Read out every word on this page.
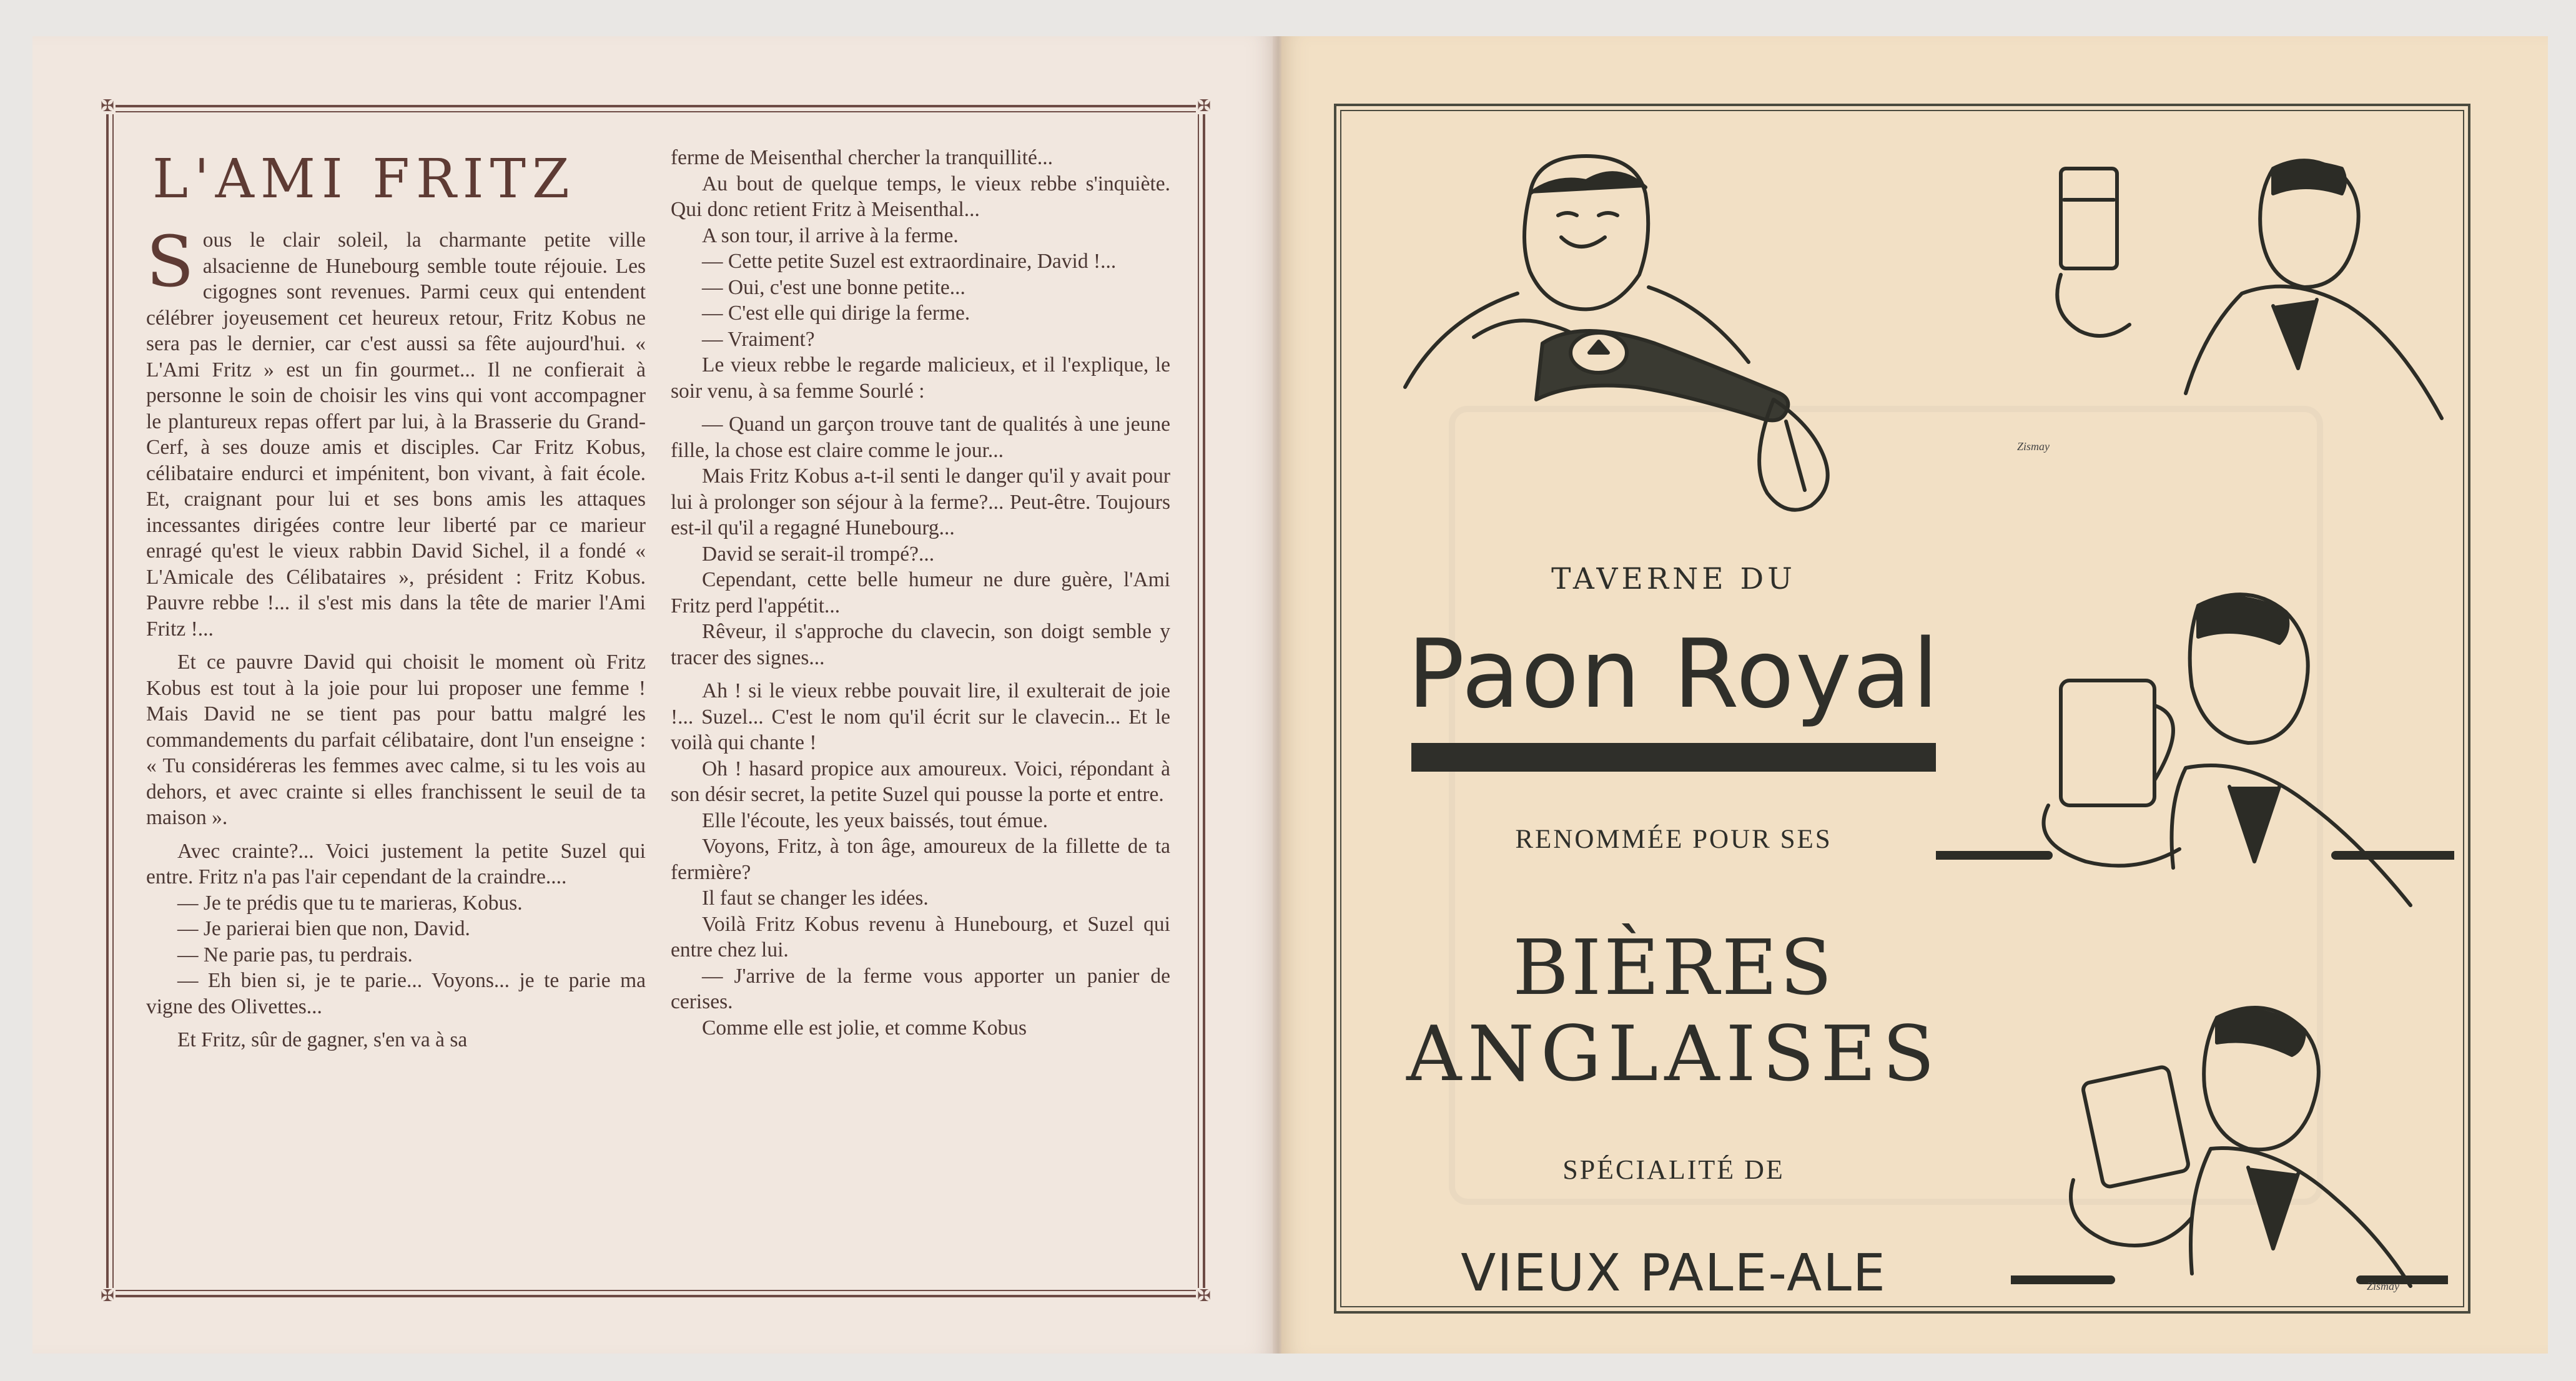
✠	✠
✠	✠
L'AMI FRITZ

Sous le clair soleil, la charmante petite ville alsacienne de Hunebourg semble toute réjouie. Les cigognes sont revenues. Parmi ceux qui entendent célébrer joyeusement cet heureux retour, Fritz Kobus ne sera pas le dernier, car c'est aussi sa fête aujourd'hui. « L'Ami Fritz » est un fin gourmet... Il ne confierait à personne le soin de choisir les vins qui vont accompagner le plantureux repas offert par lui, à la Brasserie du Grand-Cerf, à ses douze amis et disciples. Car Fritz Kobus, célibataire endurci et impénitent, bon vivant, à fait école. Et, craignant pour lui et ses bons amis les attaques incessantes dirigées contre leur liberté par ce marieur enragé qu'est le vieux rabbin David Sichel, il a fondé « L'Amicale des Célibataires », président : Fritz Kobus. Pauvre rebbe !... il s'est mis dans la tête de marier l'Ami Fritz !...

Et ce pauvre David qui choisit le moment où Fritz Kobus est tout à la joie pour lui proposer une femme ! Mais David ne se tient pas pour battu malgré les commandements du parfait célibataire, dont l'un enseigne : « Tu considéreras les femmes avec calme, si tu les vois au dehors, et avec crainte si elles franchissent le seuil de ta maison ».

Avec crainte?... Voici justement la petite Suzel qui entre. Fritz n'a pas l'air cependant de la craindre....

— Je te prédis que tu te marieras, Kobus.

— Je parierai bien que non, David.

— Ne parie pas, tu perdrais.

— Eh bien si, je te parie... Voyons... je te parie ma vigne des Olivettes...

Et Fritz, sûr de gagner, s'en va à sa

ferme de Meisenthal chercher la tranquillité...

Au bout de quelque temps, le vieux rebbe s'inquiète. Qui donc retient Fritz à Meisenthal...

A son tour, il arrive à la ferme.

— Cette petite Suzel est extraordinaire, David !...

— Oui, c'est une bonne petite...

— C'est elle qui dirige la ferme.

— Vraiment?

Le vieux rebbe le regarde malicieux, et il l'explique, le soir venu, à sa femme Sourlé :

— Quand un garçon trouve tant de qualités à une jeune fille, la chose est claire comme le jour...

Mais Fritz Kobus a-t-il senti le danger qu'il y avait pour lui à prolonger son séjour à la ferme?... Peut-être. Toujours est-il qu'il a regagné Hunebourg...

David se serait-il trompé?...

Cependant, cette belle humeur ne dure guère, l'Ami Fritz perd l'appétit...

Rêveur, il s'approche du clavecin, son doigt semble y tracer des signes...

Ah ! si le vieux rebbe pouvait lire, il exulterait de joie !... Suzel... C'est le nom qu'il écrit sur le clavecin... Et le voilà qui chante !

Oh ! hasard propice aux amoureux. Voici, répondant à son désir secret, la petite Suzel qui pousse la porte et entre.

Elle l'écoute, les yeux baissés, tout émue.

Voyons, Fritz, à ton âge, amoureux de la fillette de ta fermière?

Il faut se changer les idées.

Voilà Fritz Kobus revenu à Hunebourg, et Suzel qui entre chez lui.

— J'arrive de la ferme vous apporter un panier de cerises.

Comme elle est jolie, et comme Kobus

TAVERNE DU
Paon Royal
RENOMMÉE POUR SES
BIÈRES
ANGLAISES
SPÉCIALITÉ DE
VIEUX PALE-ALE
Zismay
Zismay
